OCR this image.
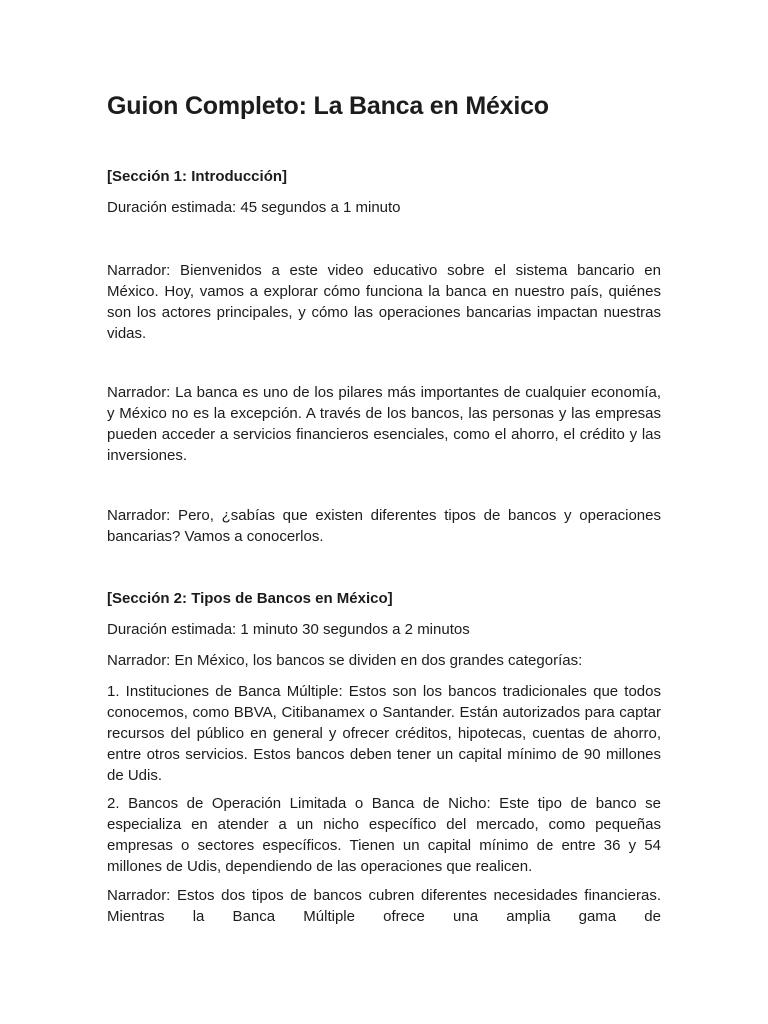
Guion Completo: La Banca en México
[Sección 1: Introducción]
Duración estimada: 45 segundos a 1 minuto

Narrador: Bienvenidos a este video educativo sobre el sistema bancario en México. Hoy, vamos a explorar cómo funciona la banca en nuestro país, quiénes son los actores principales, y cómo las operaciones bancarias impactan nuestras vidas.

Narrador: La banca es uno de los pilares más importantes de cualquier economía, y México no es la excepción. A través de los bancos, las personas y las empresas pueden acceder a servicios financieros esenciales, como el ahorro, el crédito y las inversiones.

Narrador: Pero, ¿sabías que existen diferentes tipos de bancos y operaciones bancarias? Vamos a conocerlos.

[Sección 2: Tipos de Bancos en México]
Duración estimada: 1 minuto 30 segundos a 2 minutos
Narrador: En México, los bancos se dividen en dos grandes categorías:

1. Instituciones de Banca Múltiple: Estos son los bancos tradicionales que todos conocemos, como BBVA, Citibanamex o Santander. Están autorizados para captar recursos del público en general y ofrecer créditos, hipotecas, cuentas de ahorro, entre otros servicios. Estos bancos deben tener un capital mínimo de 90 millones de Udis.

2. Bancos de Operación Limitada o Banca de Nicho: Este tipo de banco se especializa en atender a un nicho específico del mercado, como pequeñas empresas o sectores específicos. Tienen un capital mínimo de entre 36 y 54 millones de Udis, dependiendo de las operaciones que realicen.

Narrador: Estos dos tipos de bancos cubren diferentes necesidades financieras. Mientras la Banca Múltiple ofrece una amplia gama de
